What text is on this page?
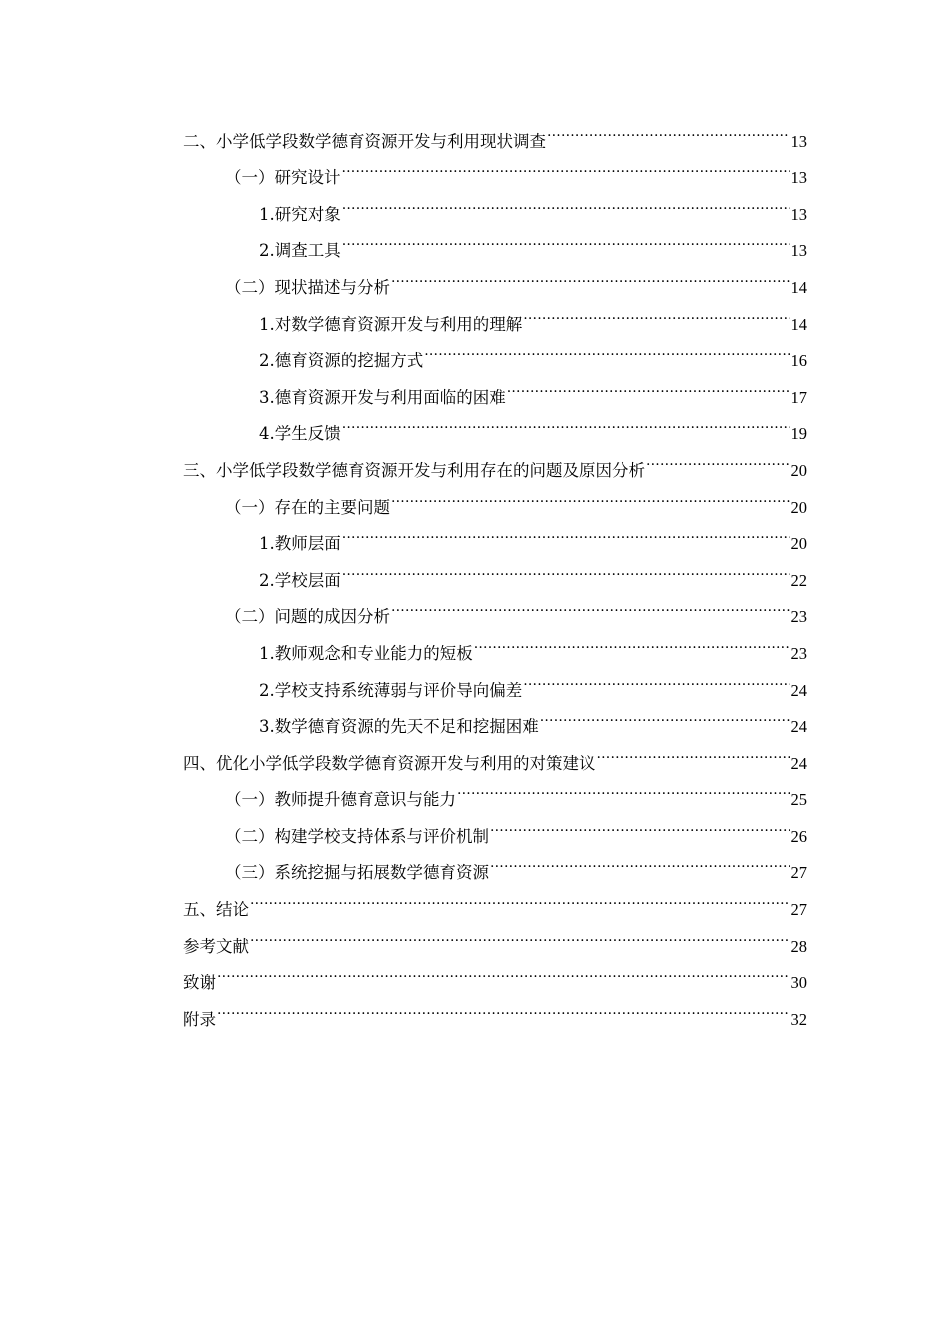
二、小学低学段数学德育资源开发与利用现状调查 .....	13
（一）研究设计 .....	13
1.研究对象 .....	13
2.调查工具 .....	13
（二）现状描述与分析 .....	14
1.对数学德育资源开发与利用的理解 .....	14
2.德育资源的挖掘方式 .....	16
3.德育资源开发与利用面临的困难 .....	17
4.学生反馈 .....	19
三、小学低学段数学德育资源开发与利用存在的问题及原因分析 .....	20
（一）存在的主要问题 .....	20
1.教师层面 .....	20
2.学校层面 .....	22
（二）问题的成因分析 .....	23
1.教师观念和专业能力的短板 .....	23
2.学校支持系统薄弱与评价导向偏差 .....	24
3.数学德育资源的先天不足和挖掘困难 .....	24
四、优化小学低学段数学德育资源开发与利用的对策建议 .....	24
（一）教师提升德育意识与能力 .....	25
（二）构建学校支持体系与评价机制 .....	26
（三）系统挖掘与拓展数学德育资源 .....	27
五、结论 .....	27
参考文献 .....	28
致谢 .....	30
附录 .....	32
